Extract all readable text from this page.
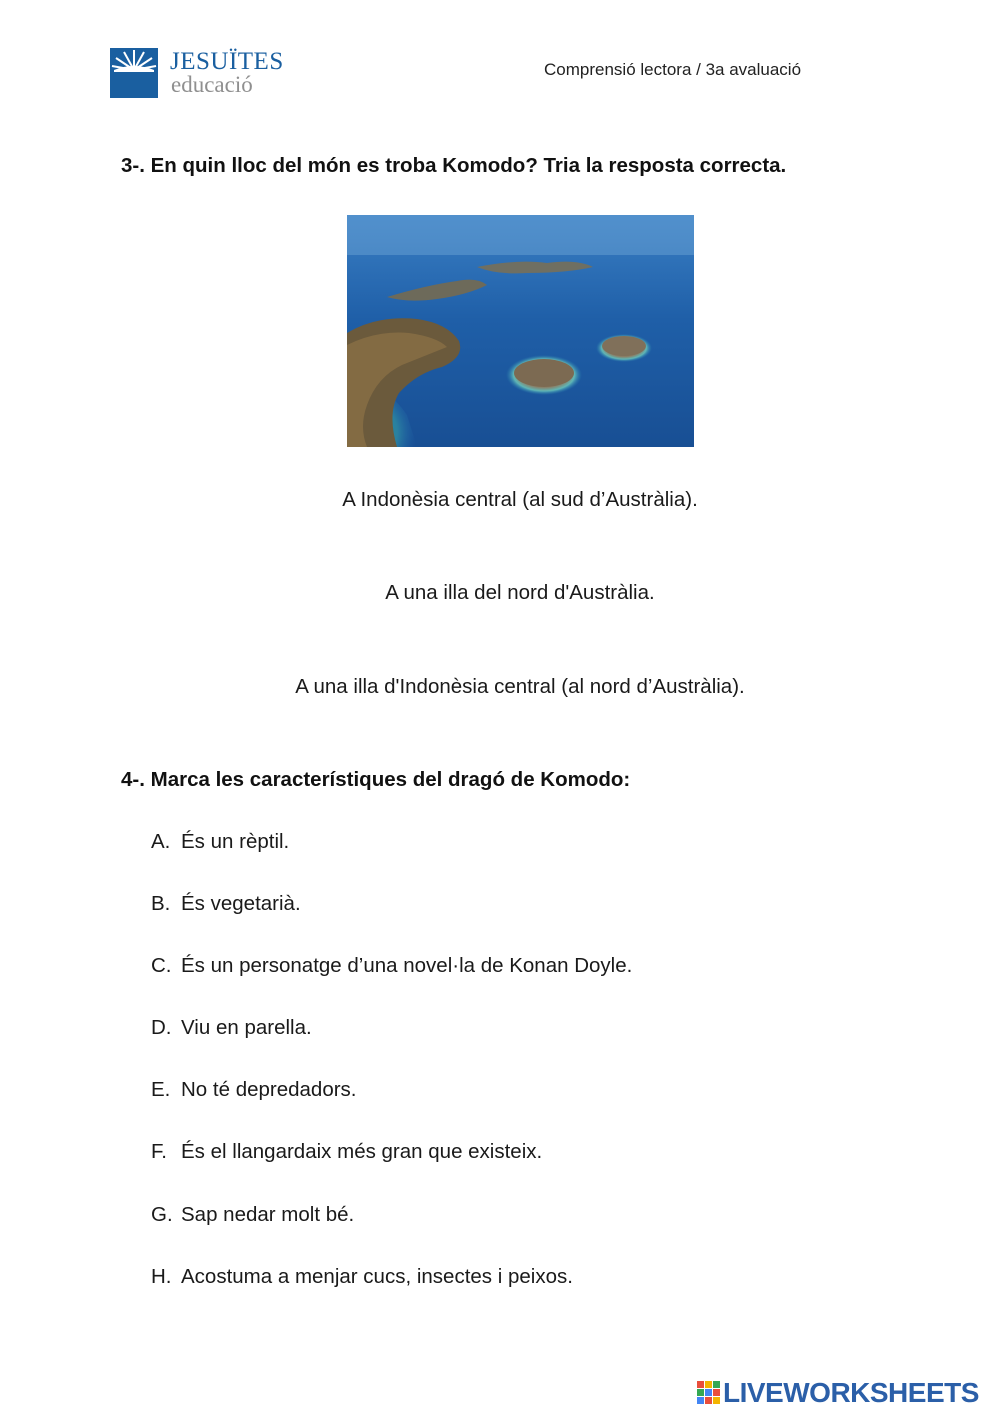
JESUÏTES
educació
Comprensió lectora / 3a avaluació
3-. En quin lloc del món es troba Komodo? Tria la resposta correcta.
A Indonèsia central (al sud d’Austràlia).
A una illa del nord d'Austràlia.
A una illa d'Indonèsia central (al nord d’Austràlia).
4-. Marca les característiques del dragó de Komodo:
A. És un rèptil.
B. És vegetarià.
C. És un personatge d’una novel·la de Konan Doyle.
D. Viu en parella.
E. No té depredadors.
F. És el llangardaix més gran que existeix.
G. Sap nedar molt bé.
H. Acostuma a menjar cucs, insectes i peixos.
LIVEWORKSHEETS
